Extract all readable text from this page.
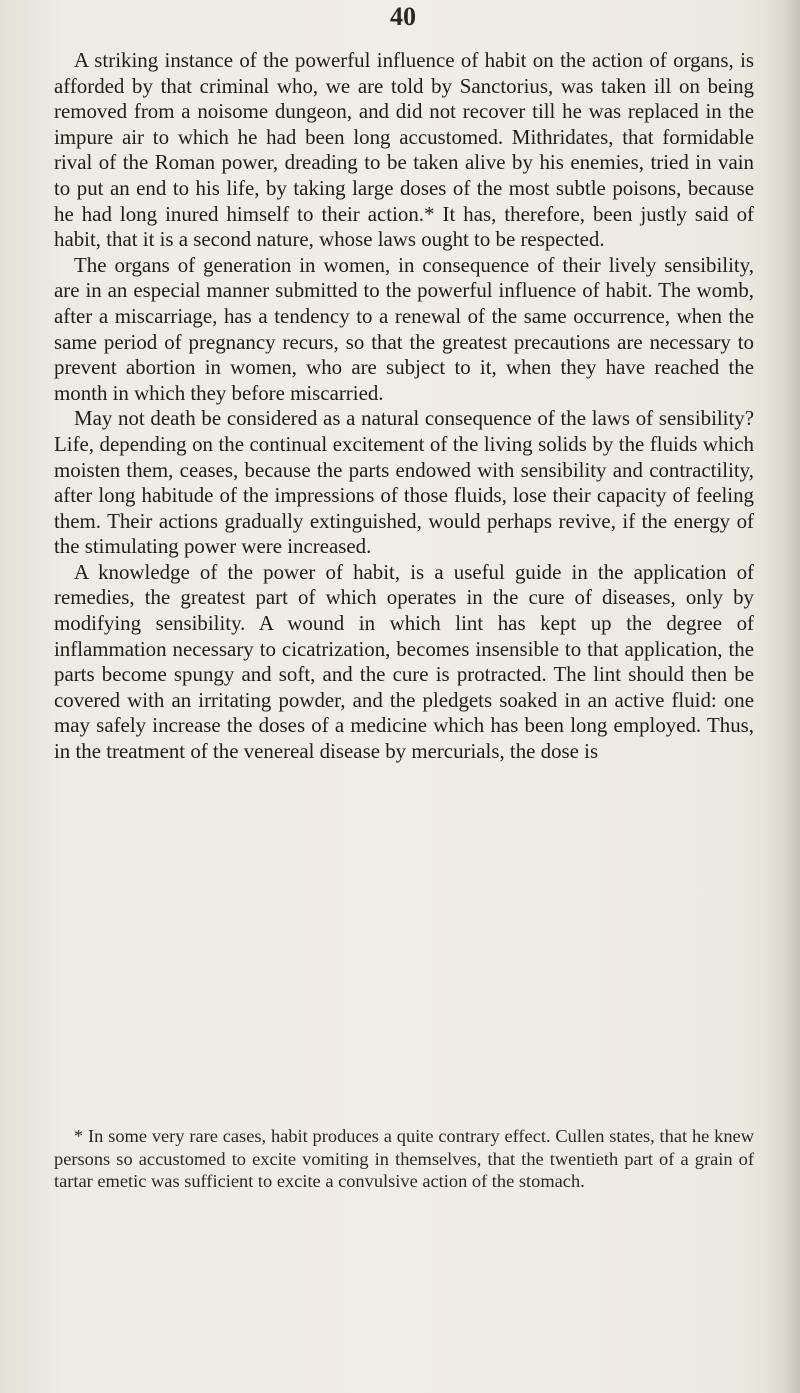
40

A striking instance of the powerful influence of habit on the action of organs, is afforded by that criminal who, we are told by Sanctorius, was taken ill on being removed from a noisome dungeon, and did not recover till he was replaced in the impure air to which he had been long accustomed. Mithridates, that formidable rival of the Roman power, dreading to be taken alive by his enemies, tried in vain to put an end to his life, by taking large doses of the most subtle poisons, because he had long inured himself to their action.* It has, therefore, been justly said of habit, that it is a second nature, whose laws ought to be respected.

The organs of generation in women, in consequence of their lively sensibility, are in an especial manner submitted to the powerful influence of habit. The womb, after a miscarriage, has a tendency to a renewal of the same occurrence, when the same period of pregnancy recurs, so that the greatest precautions are necessary to prevent abortion in women, who are subject to it, when they have reached the month in which they before miscarried.

May not death be considered as a natural consequence of the laws of sensibility? Life, depending on the continual excitement of the living solids by the fluids which moisten them, ceases, because the parts endowed with sensibility and contractility, after long habitude of the impressions of those fluids, lose their capacity of feeling them. Their actions gradually extinguished, would perhaps revive, if the energy of the stimulating power were increased.

A knowledge of the power of habit, is a useful guide in the application of remedies, the greatest part of which operates in the cure of diseases, only by modifying sensibility. A wound in which lint has kept up the degree of inflammation necessary to cicatrization, becomes insensible to that application, the parts become spungy and soft, and the cure is protracted. The lint should then be covered with an irritating powder, and the pledgets soaked in an active fluid: one may safely increase the doses of a medicine which has been long employed. Thus, in the treatment of the venereal disease by mercurials, the dose is

* In some very rare cases, habit produces a quite contrary effect. Cullen states, that he knew persons so accustomed to excite vomiting in themselves, that the twentieth part of a grain of tartar emetic was sufficient to excite a convulsive action of the stomach.
